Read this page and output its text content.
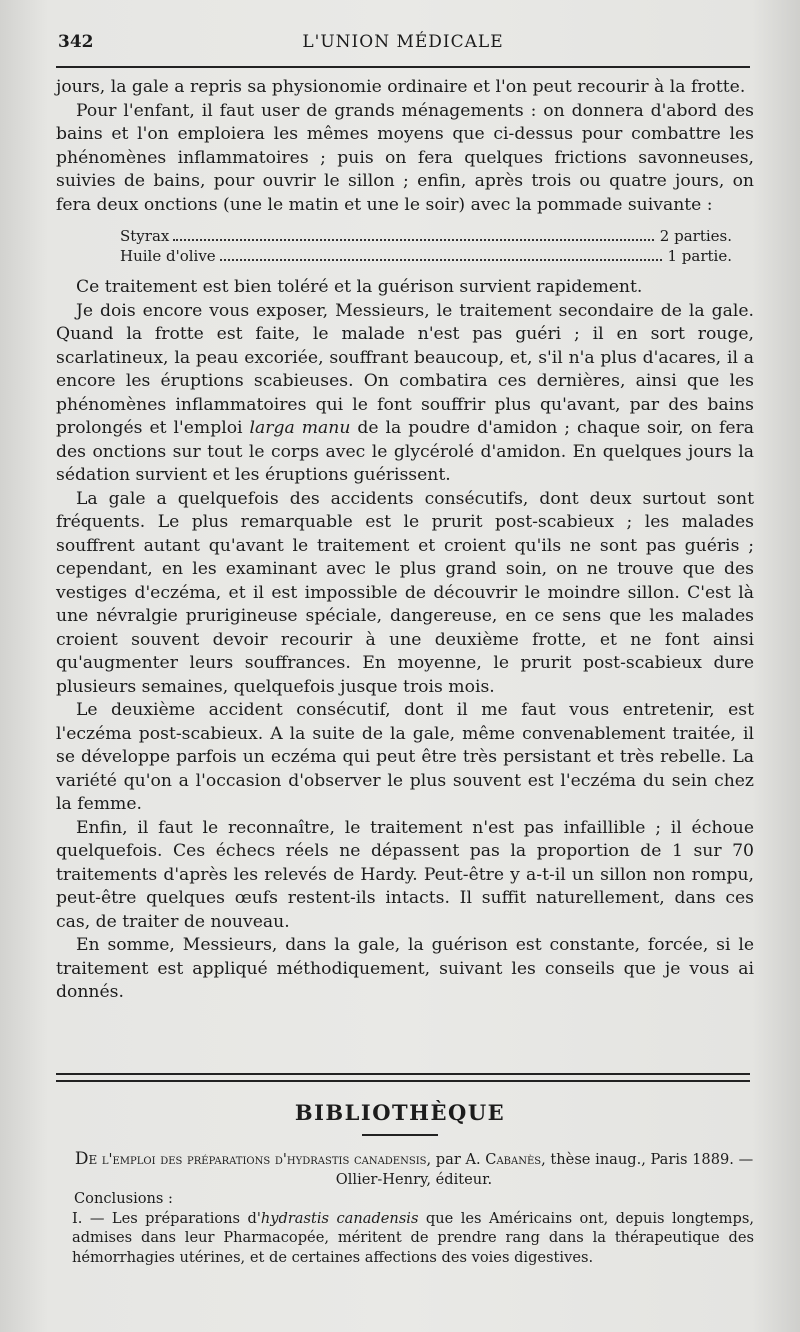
342	L'UNION MÉDICALE

jours, la gale a repris sa physionomie ordinaire et l'on peut recourir à la frotte.

Pour l'enfant, il faut user de grands ménagements : on donnera d'abord des bains et l'on emploiera les mêmes moyens que ci-dessus pour combattre les phénomènes inflammatoires ; puis on fera quelques frictions savonneuses, suivies de bains, pour ouvrir le sillon ; enfin, après trois ou quatre jours, on fera deux onctions (une le matin et une le soir) avec la pommade suivante :

Styrax	2 parties.
Huile d'olive	1 partie.

Ce traitement est bien toléré et la guérison survient rapidement.

Je dois encore vous exposer, Messieurs, le traitement secondaire de la gale. Quand la frotte est faite, le malade n'est pas guéri ; il en sort rouge, scarlatineux, la peau excoriée, souffrant beaucoup, et, s'il n'a plus d'acares, il a encore les éruptions scabieuses. On combatira ces dernières, ainsi que les phénomènes inflammatoires qui le font souffrir plus qu'avant, par des bains prolongés et l'emploi larga manu de la poudre d'amidon ; chaque soir, on fera des onctions sur tout le corps avec le glycérolé d'amidon. En quelques jours la sédation survient et les éruptions guérissent.

La gale a quelquefois des accidents consécutifs, dont deux surtout sont fréquents. Le plus remarquable est le prurit post-scabieux ; les malades souffrent autant qu'avant le traitement et croient qu'ils ne sont pas guéris ; cependant, en les examinant avec le plus grand soin, on ne trouve que des vestiges d'eczéma, et il est impossible de découvrir le moindre sillon. C'est là une névralgie prurigineuse spéciale, dangereuse, en ce sens que les malades croient souvent devoir recourir à une deuxième frotte, et ne font ainsi qu'augmenter leurs souffrances. En moyenne, le prurit post-scabieux dure plusieurs semaines, quelquefois jusque trois mois.

Le deuxième accident consécutif, dont il me faut vous entretenir, est l'eczéma post-scabieux. A la suite de la gale, même convenablement traitée, il se développe parfois un eczéma qui peut être très persistant et très rebelle. La variété qu'on a l'occasion d'observer le plus souvent est l'eczéma du sein chez la femme.

Enfin, il faut le reconnaître, le traitement n'est pas infaillible ; il échoue quelquefois. Ces échecs réels ne dépassent pas la proportion de 1 sur 70 traitements d'après les relevés de Hardy. Peut-être y a-t-il un sillon non rompu, peut-être quelques œufs restent-ils intacts. Il suffit naturellement, dans ces cas, de traiter de nouveau.

En somme, Messieurs, dans la gale, la guérison est constante, forcée, si le traitement est appliqué méthodiquement, suivant les conseils que je vous ai donnés.

BIBLIOTHÈQUE

De l'emploi des préparations d'hydrastis canadensis, par A. Cabanès, thèse inaug., Paris 1889. — Ollier-Henry, éditeur.

Conclusions :

I. — Les préparations d'hydrastis canadensis que les Américains ont, depuis longtemps, admises dans leur Pharmacopée, méritent de prendre rang dans la thérapeutique des hémorrhagies utérines, et de certaines affections des voies digestives.
